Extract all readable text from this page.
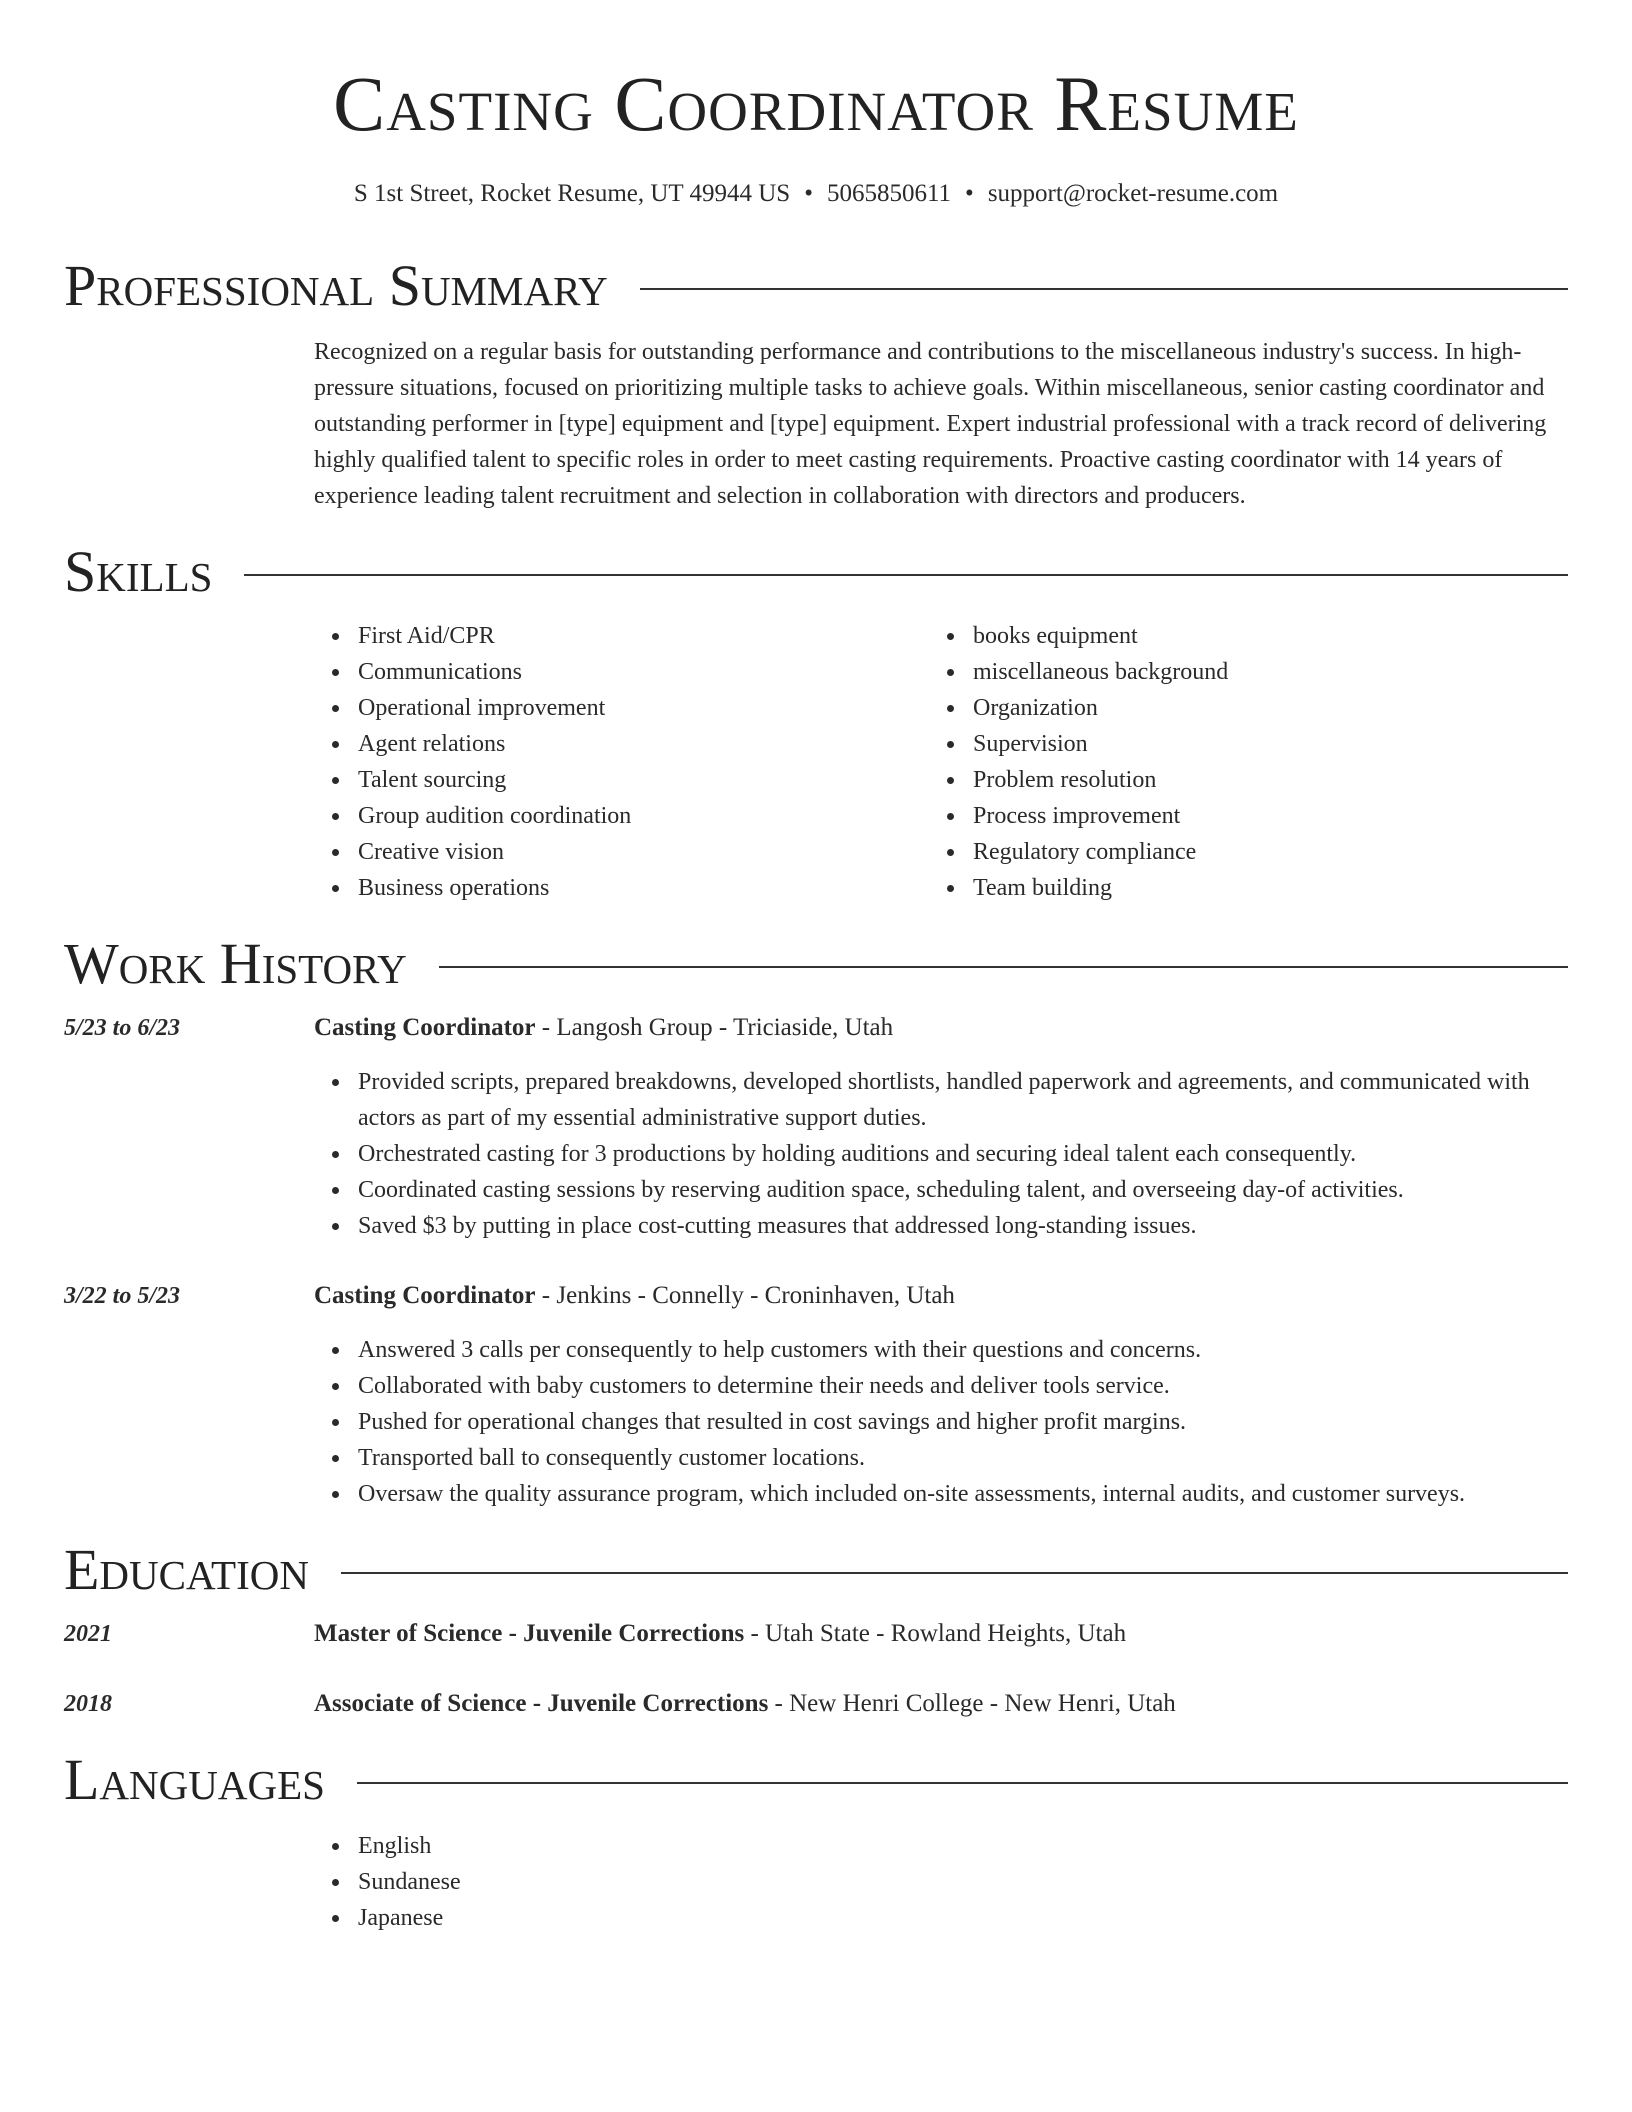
Casting Coordinator Resume
S 1st Street, Rocket Resume, UT 49944 US • 5065850611 • support@rocket-resume.com
Professional Summary

Recognized on a regular basis for outstanding performance and contributions to the miscellaneous industry's success. In high-pressure situations, focused on prioritizing multiple tasks to achieve goals. Within miscellaneous, senior casting coordinator and outstanding performer in [type] equipment and [type] equipment. Expert industrial professional with a track record of delivering highly qualified talent to specific roles in order to meet casting requirements. Proactive casting coordinator with 14 years of experience leading talent recruitment and selection in collaboration with directors and producers.

Skills
First Aid/CPR
Communications
Operational improvement
Agent relations
Talent sourcing
Group audition coordination
Creative vision
Business operations
books equipment
miscellaneous background
Organization
Supervision
Problem resolution
Process improvement
Regulatory compliance
Team building
Work History
5/23 to 6/23	Casting Coordinator - Langosh Group - Triciaside, Utah
Provided scripts, prepared breakdowns, developed shortlists, handled paperwork and agreements, and communicated with actors as part of my essential administrative support duties.
Orchestrated casting for 3 productions by holding auditions and securing ideal talent each consequently.
Coordinated casting sessions by reserving audition space, scheduling talent, and overseeing day-of activities.
Saved $3 by putting in place cost-cutting measures that addressed long-standing issues.
3/22 to 5/23	Casting Coordinator - Jenkins - Connelly - Croninhaven, Utah
Answered 3 calls per consequently to help customers with their questions and concerns.
Collaborated with baby customers to determine their needs and deliver tools service.
Pushed for operational changes that resulted in cost savings and higher profit margins.
Transported ball to consequently customer locations.
Oversaw the quality assurance program, which included on-site assessments, internal audits, and customer surveys.
Education
2021	Master of Science - Juvenile Corrections - Utah State - Rowland Heights, Utah
2018	Associate of Science - Juvenile Corrections - New Henri College - New Henri, Utah
Languages
English
Sundanese
Japanese
